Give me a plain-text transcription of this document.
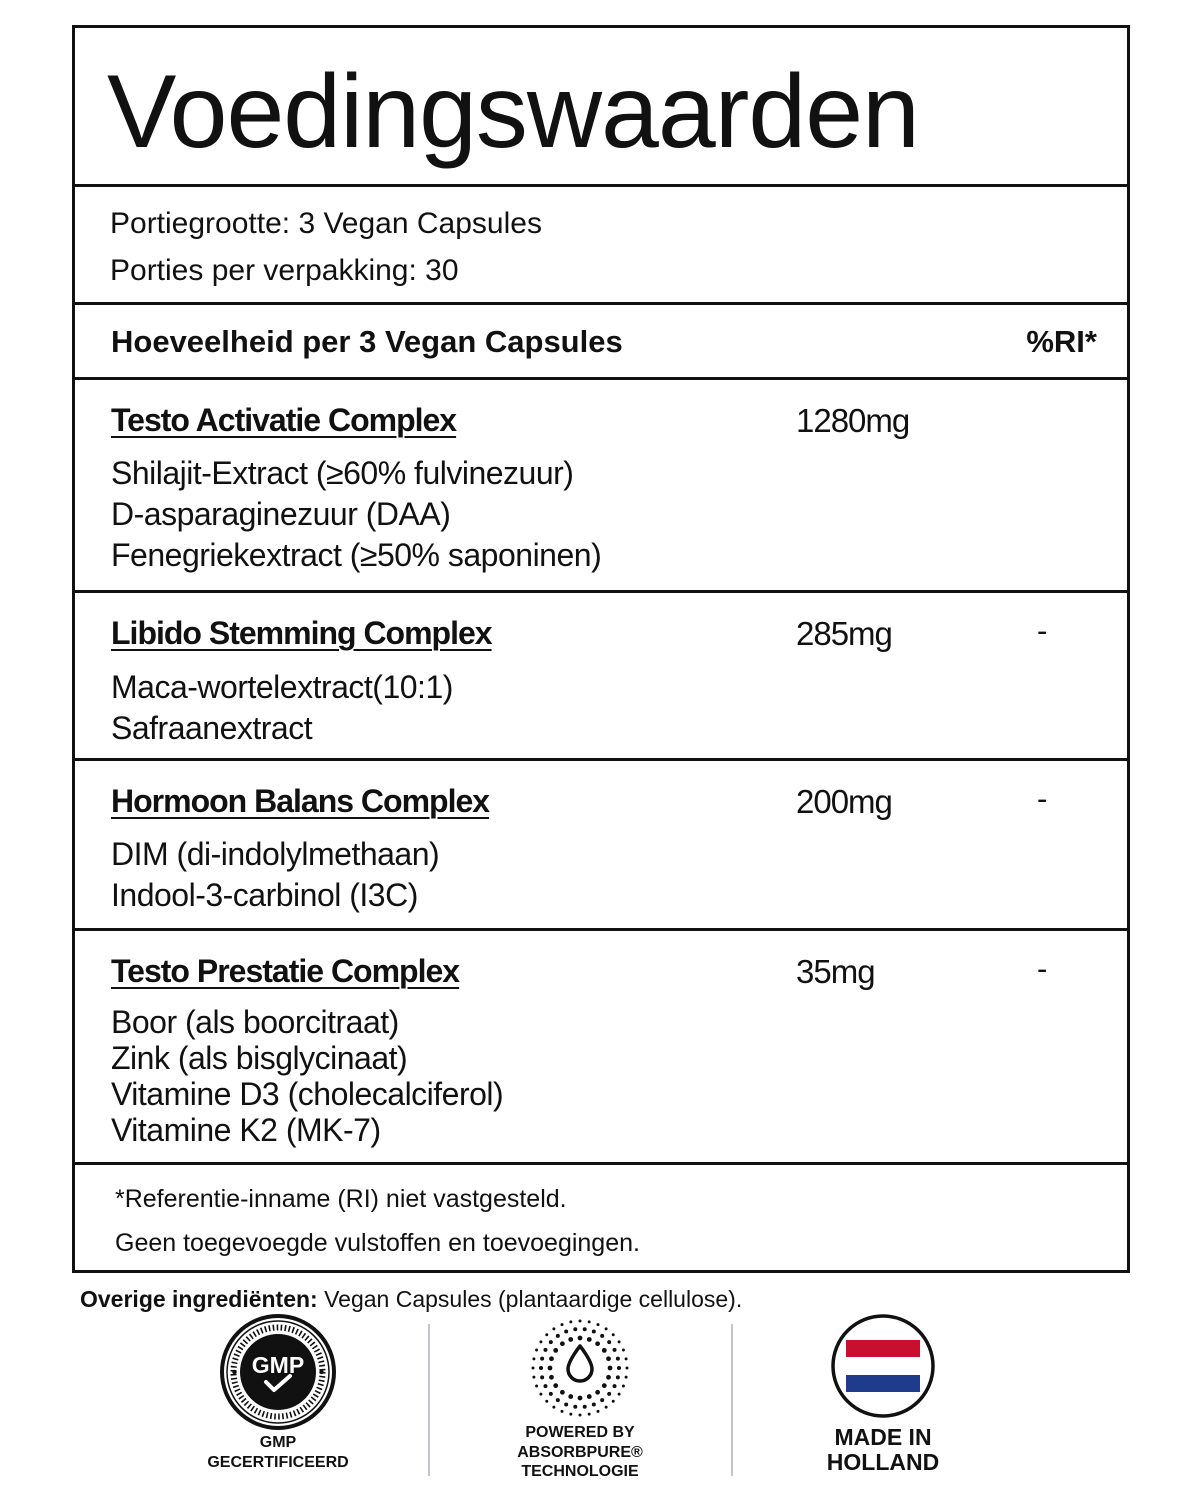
Voedingswaarden
Portiegrootte: 3 Vegan Capsules
Porties per verpakking: 30
Hoeveelheid per 3 Vegan Capsules	%RI*
Testo Activatie Complex	1280mg
Shilajit-Extract (≥60% fulvinezuur)
D-asparaginezuur (DAA)
Fenegriekextract (≥50% saponinen)
Libido Stemming Complex	285mg	-
Maca-wortelextract(10:1)
Safraanextract
Hormoon Balans Complex	200mg	-
DIM (di-indolylmethaan)
Indool-3-carbinol (I3C)
Testo Prestatie Complex	35mg	-
Boor (als boorcitraat)
Zink (als bisglycinaat)
Vitamine D3 (cholecalciferol)
Vitamine K2 (MK-7)
*Referentie-inname (RI) niet vastgesteld.
Geen toegevoegde vulstoffen en toevoegingen.
Overige ingrediënten: Vegan Capsules (plantaardige cellulose).
GMP
GMP
GECERTIFICEERD
POWERED BY
ABSORBPURE®
TECHNOLOGIE
MADE IN
HOLLAND
